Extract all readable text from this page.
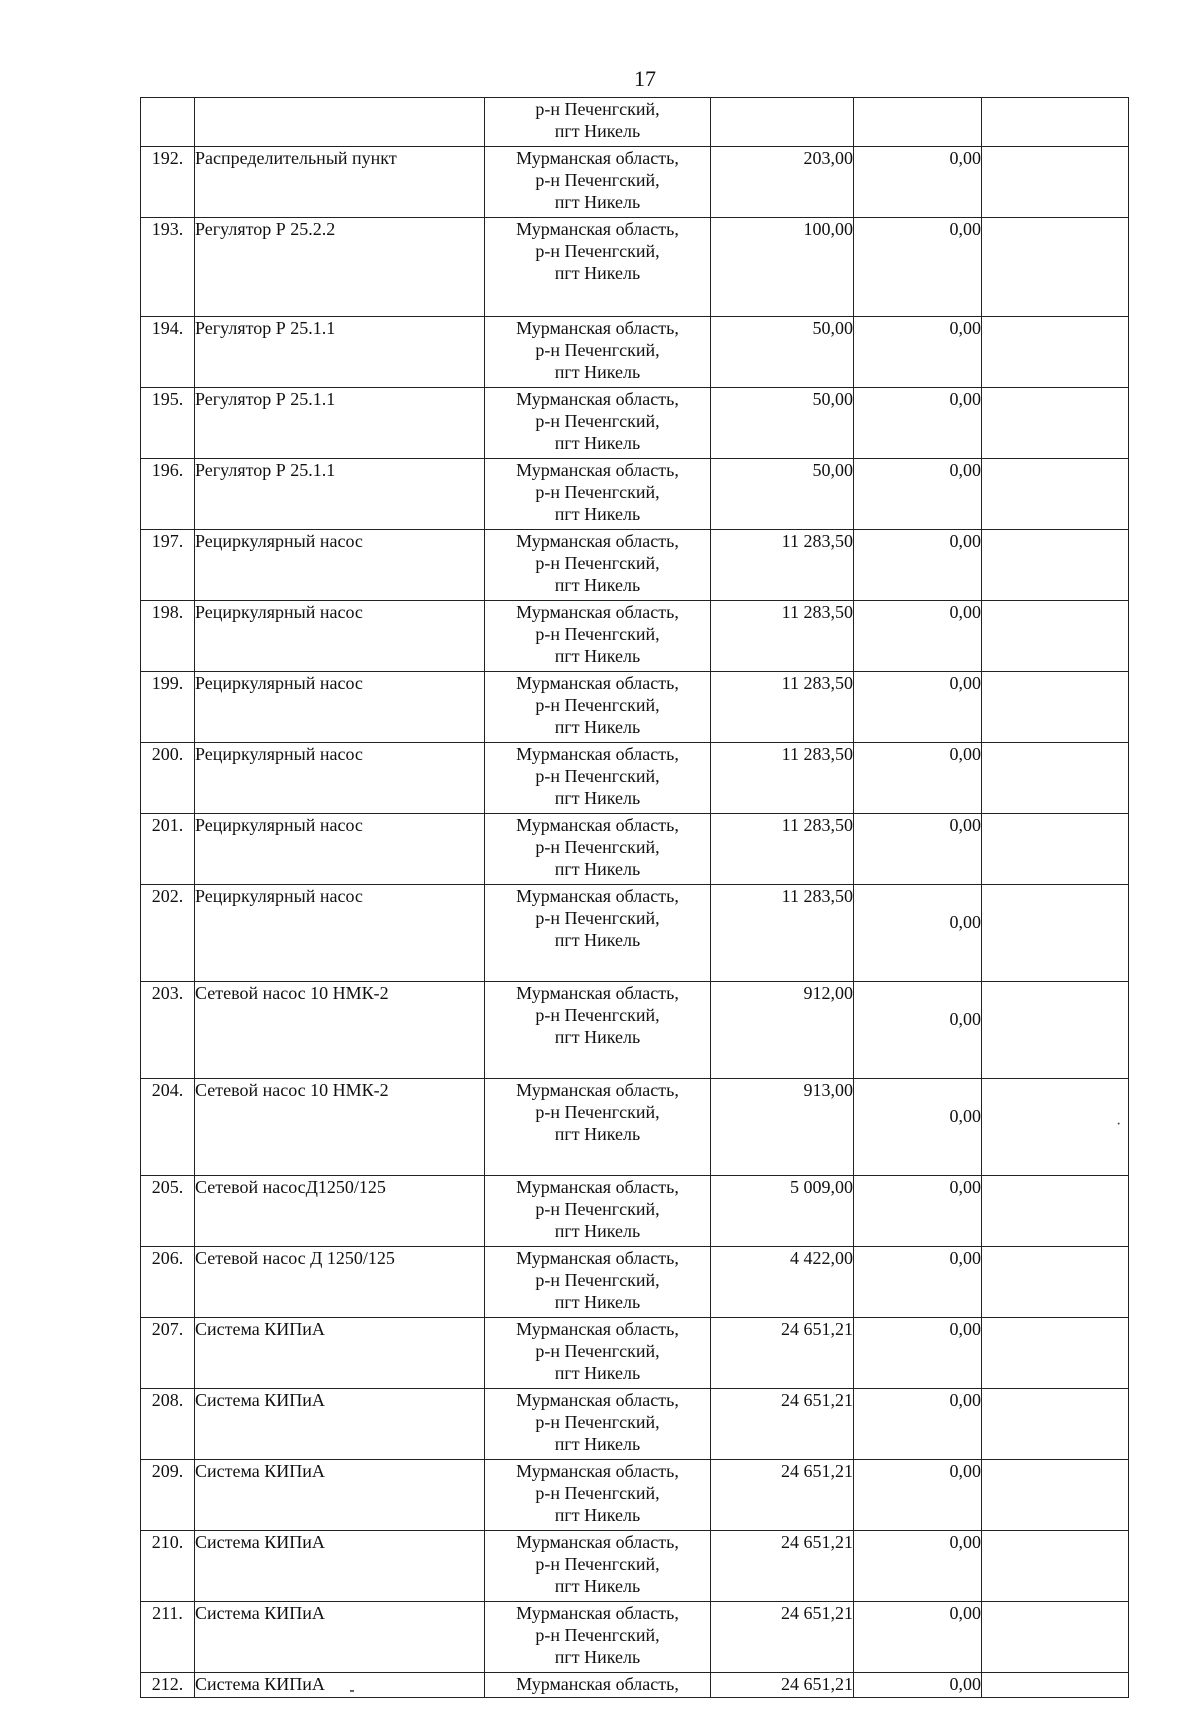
17

		р-н Печенгский,
пгт Никель			

192.	Распределительный пункт	Мурманская область,
р-н Печенгский,
пгт Никель	203,00	0,00	
193.	Регулятор Р 25.2.2	Мурманская область,
р-н Печенгский,
пгт Никель	100,00	0,00	
194.	Регулятор Р 25.1.1	Мурманская область,
р-н Печенгский,
пгт Никель	50,00	0,00	
195.	Регулятор Р 25.1.1	Мурманская область,
р-н Печенгский,
пгт Никель	50,00	0,00	
196.	Регулятор Р 25.1.1	Мурманская область,
р-н Печенгский,
пгт Никель	50,00	0,00	
197.	Рециркулярный насос	Мурманская область,
р-н Печенгский,
пгт Никель	11 283,50	0,00	
198.	Рециркулярный насос	Мурманская область,
р-н Печенгский,
пгт Никель	11 283,50	0,00	
199.	Рециркулярный насос	Мурманская область,
р-н Печенгский,
пгт Никель	11 283,50	0,00	
200.	Рециркулярный насос	Мурманская область,
р-н Печенгский,
пгт Никель	11 283,50	0,00	
201.	Рециркулярный насос	Мурманская область,
р-н Печенгский,
пгт Никель	11 283,50	0,00	
202.	Рециркулярный насос	Мурманская область,
р-н Печенгский,
пгт Никель	11 283,50	0,00	
203.	Сетевой насос 10 НМК-2	Мурманская область,
р-н Печенгский,
пгт Никель	912,00	0,00	
204.	Сетевой насос 10 НМК-2	Мурманская область,
р-н Печенгский,
пгт Никель	913,00	0,00	
205.	Сетевой насосД1250/125	Мурманская область,
р-н Печенгский,
пгт Никель	5 009,00	0,00	
206.	Сетевой насос Д 1250/125	Мурманская область,
р-н Печенгский,
пгт Никель	4 422,00	0,00	
207.	Система КИПиА	Мурманская область,
р-н Печенгский,
пгт Никель	24 651,21	0,00	
208.	Система КИПиА	Мурманская область,
р-н Печенгский,
пгт Никель	24 651,21	0,00	
209.	Система КИПиА	Мурманская область,
р-н Печенгский,
пгт Никель	24 651,21	0,00	
210.	Система КИПиА	Мурманская область,
р-н Печенгский,
пгт Никель	24 651,21	0,00	
211.	Система КИПиА	Мурманская область,
р-н Печенгский,
пгт Никель	24 651,21	0,00	
212.	Система КИПиА	Мурманская область,	24 651,21	0,00	
·
